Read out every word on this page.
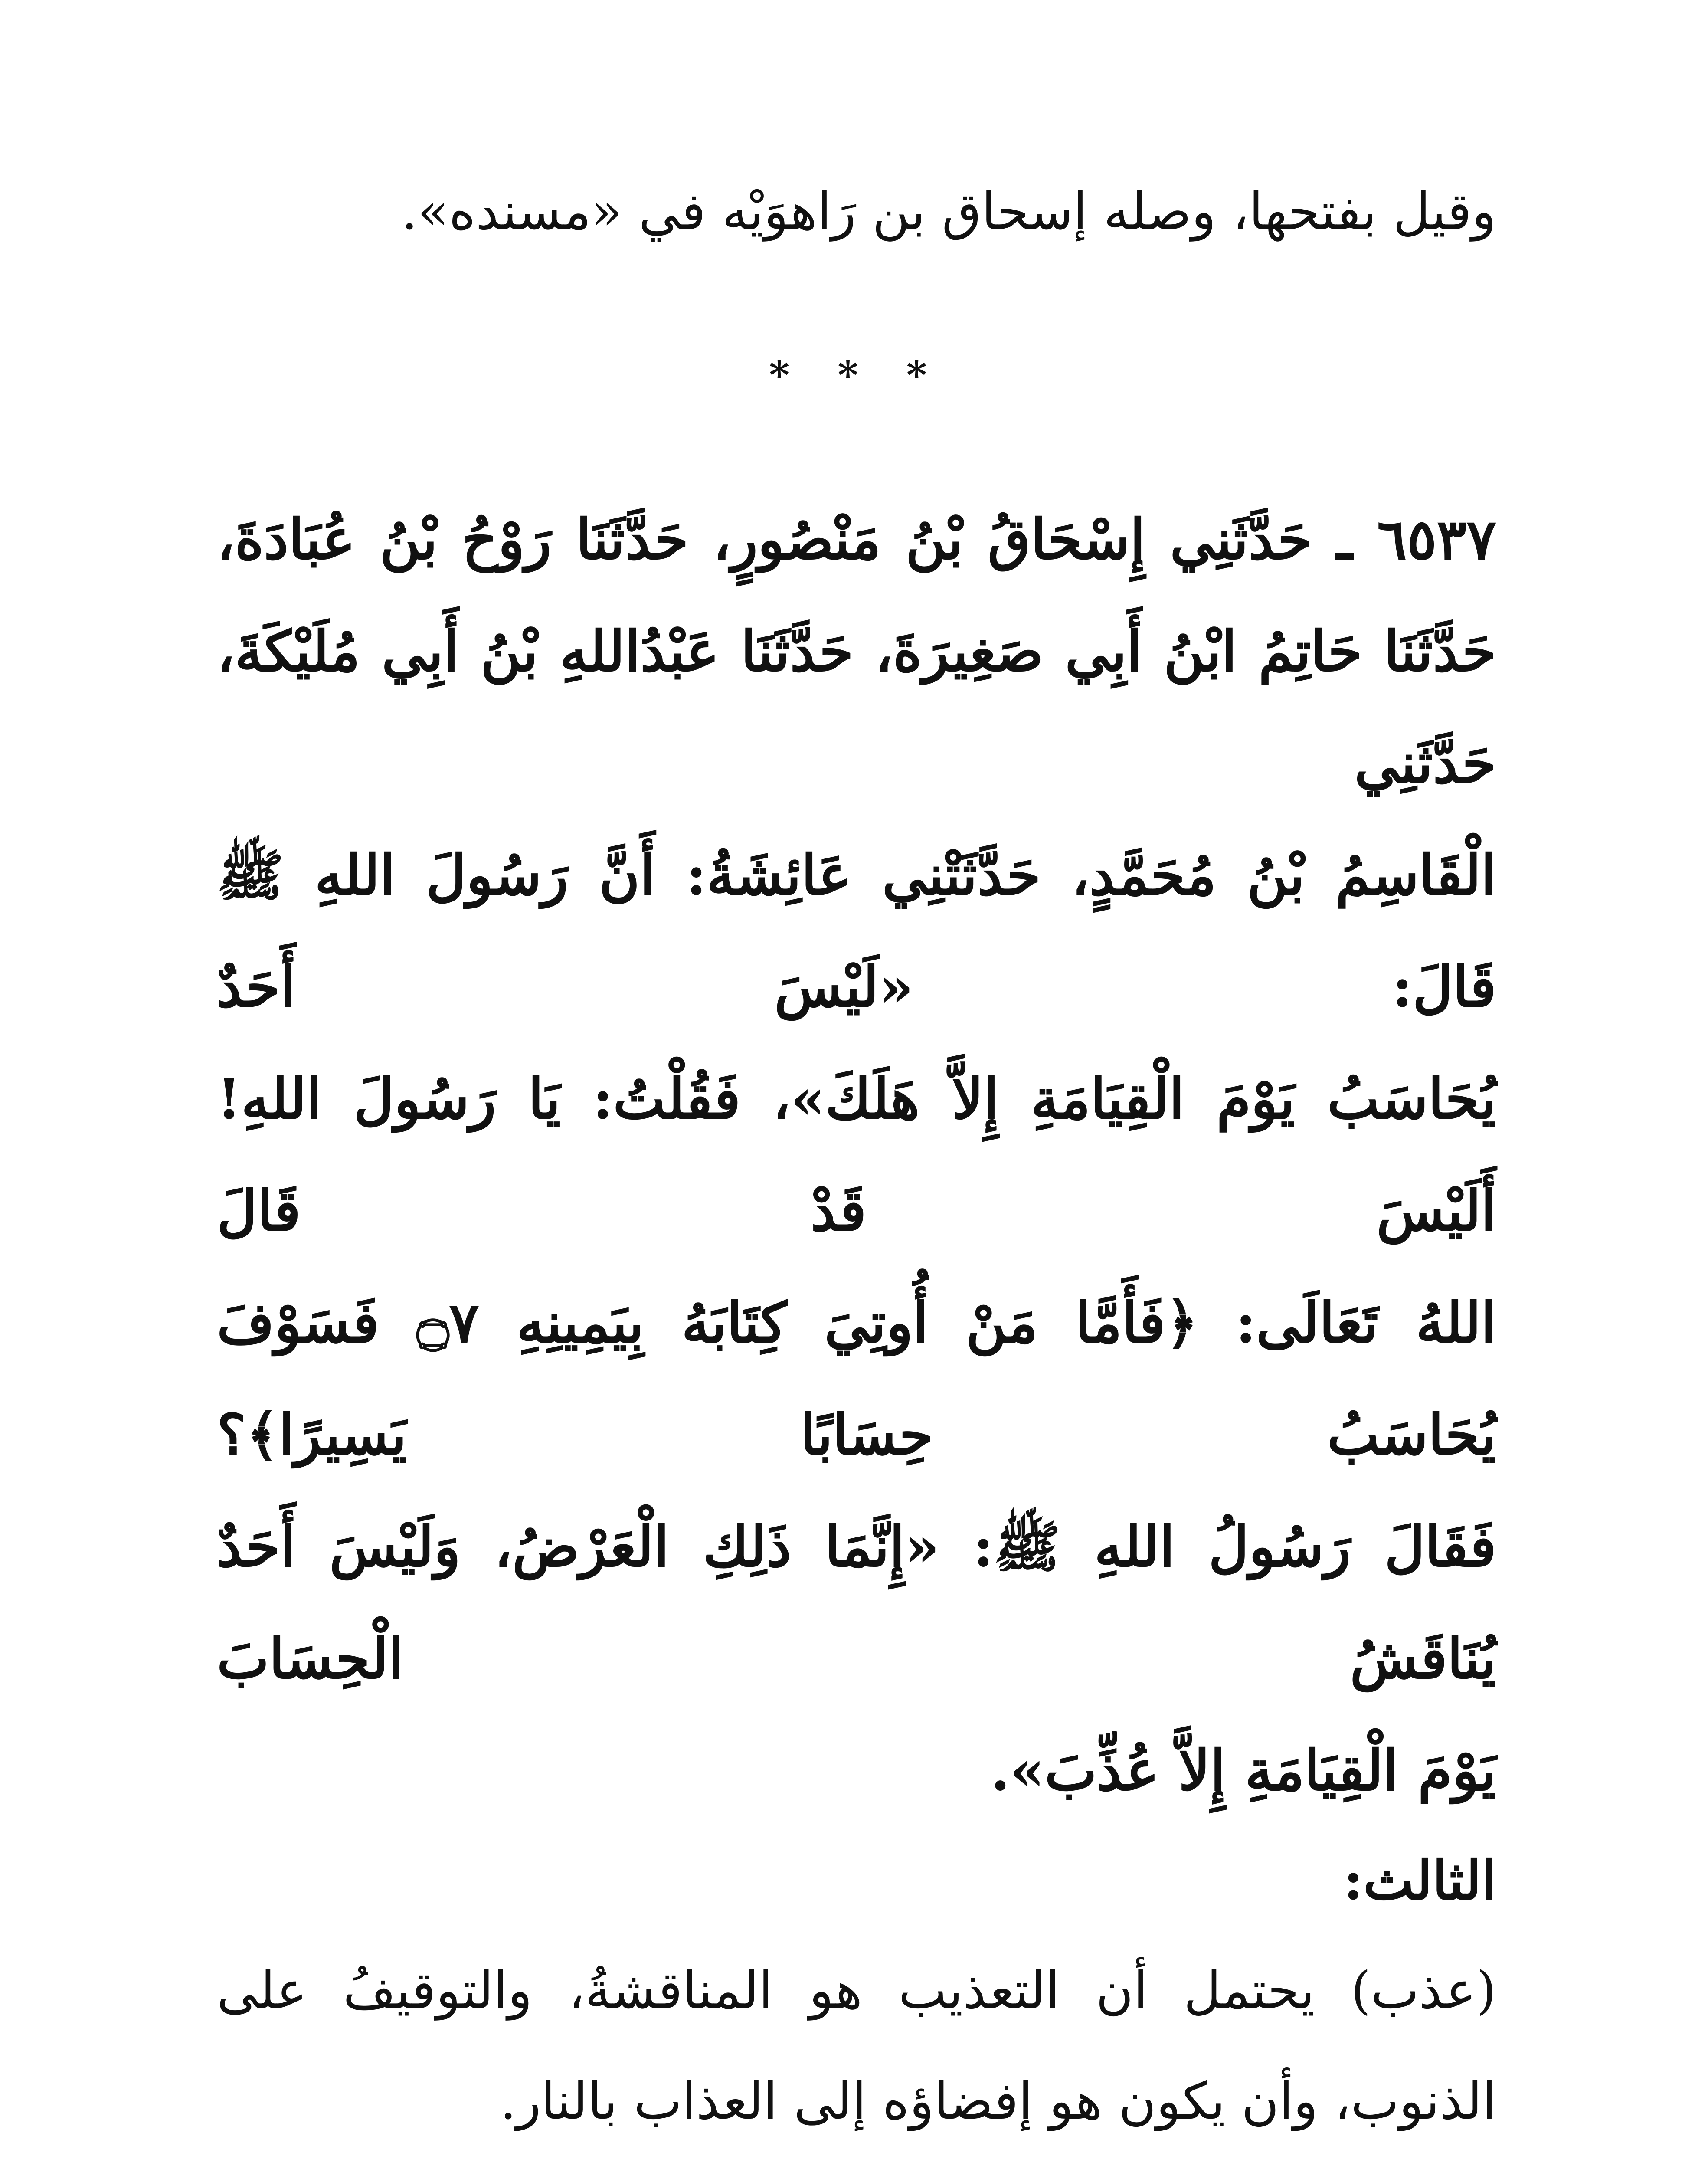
وقيل بفتحها، وصله إسحاق بن رَاهوَيْه في «مسنده».

* * *

٦٥٣٧ ـ حَدَّثَنِي إِسْحَاقُ بْنُ مَنْصُورٍ، حَدَّثَنَا رَوْحُ بْنُ عُبَادَةَ،
حَدَّثَنَا حَاتِمُ ابْنُ أَبِي صَغِيرَةَ، حَدَّثَنَا عَبْدُاللهِ بْنُ أَبِي مُلَيْكَةَ، حَدَّثَنِي
الْقَاسِمُ بْنُ مُحَمَّدٍ، حَدَّثَتْنِي عَائِشَةُ: أَنَّ رَسُولَ اللهِ ﷺ قَالَ: «لَيْسَ أَحَدٌ
يُحَاسَبُ يَوْمَ الْقِيَامَةِ إِلاَّ هَلَكَ»، فَقُلْتُ: يَا رَسُولَ اللهِ! أَلَيْسَ قَدْ قَالَ
اللهُ تَعَالَى: ﴿فَأَمَّا مَنْ أُوتِيَ كِتَابَهُ بِيَمِينِهِ ۝٧ فَسَوْفَ يُحَاسَبُ حِسَابًا يَسِيرًا﴾؟
فَقَالَ رَسُولُ اللهِ ﷺ: «إِنَّمَا ذَلِكِ الْعَرْضُ، وَلَيْسَ أَحَدٌ يُنَاقَشُ الْحِسَابَ
يَوْمَ الْقِيَامَةِ إِلاَّ عُذِّبَ».

الثالث:

(عذب) يحتمل أن التعذيب هو المناقشةُ، والتوقيفُ على
الذنوب، وأن يكون هو إفضاؤه إلى العذاب بالنار.
